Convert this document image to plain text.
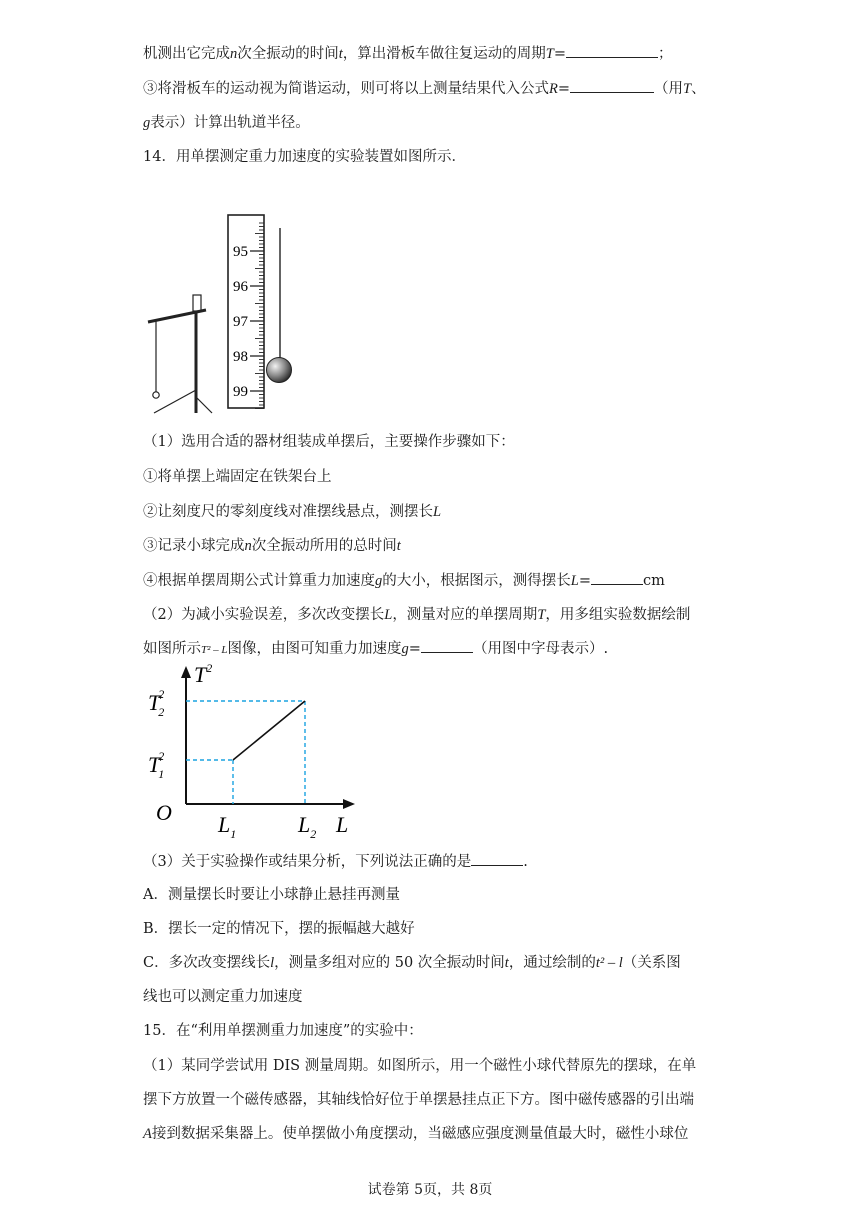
机测出它完成n次全振动的时间t，算出滑板车做往复运动的周期T=	；
③将滑板车的运动视为简谐运动，则可将以上测量结果代入公式R=	（用T、
g表示）计算出轨道半径。
14．用单摆测定重力加速度的实验装置如图所示．
95
96
97
98
99
（1）选用合适的器材组装成单摆后，主要操作步骤如下：
①将单摆上端固定在铁架台上
②让刻度尺的零刻度线对准摆线悬点，测摆长L
③记录小球完成n次全振动所用的总时间t
④根据单摆周期公式计算重力加速度g的大小，根据图示，测得摆长L=	cm
（2）为减小实验误差，多次改变摆长L，测量对应的单摆周期T，用多组实验数据绘制
如图所示T² – L图像，由图可知重力加速度g=	（用图中字母表示）.
$T^2$
T22
T12
O $L_1$	$L_2$ L
（3）关于实验操作或结果分析，下列说法正确的是	.
A．测量摆长时要让小球静止悬挂再测量
B．摆长一定的情况下，摆的振幅越大越好
C．多次改变摆线长l，测量多组对应的 50 次全振动时间t，通过绘制的t² – l（关系图
线也可以测定重力加速度
15．在“利用单摆测重力加速度”的实验中：
（1）某同学尝试用 DIS 测量周期。如图所示，用一个磁性小球代替原先的摆球，在单
摆下方放置一个磁传感器，其轴线恰好位于单摆悬挂点正下方。图中磁传感器的引出端
A接到数据采集器上。使单摆做小角度摆动，当磁感应强度测量值最大时，磁性小球位
试卷第 5页，共 8页
